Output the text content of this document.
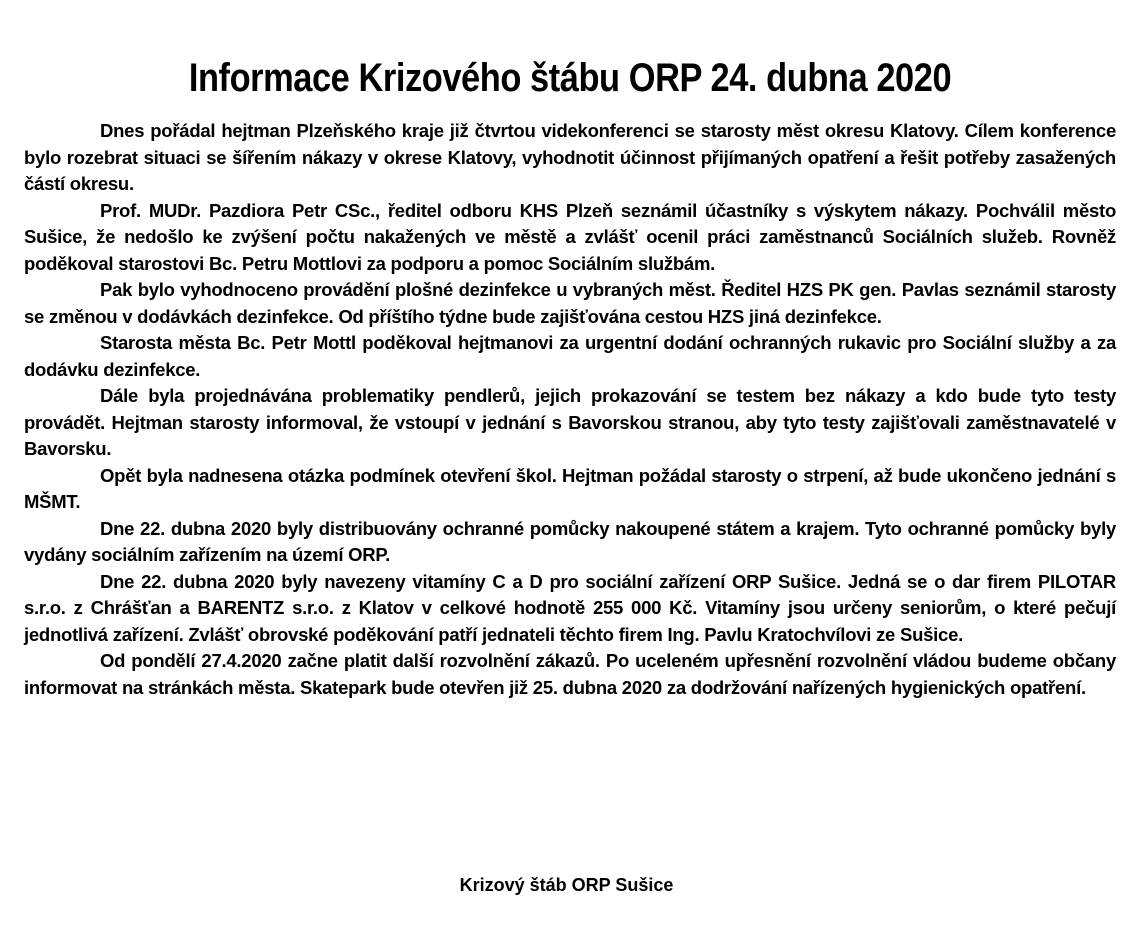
Informace Krizového štábu ORP 24. dubna 2020

Dnes pořádal hejtman Plzeňského kraje již čtvrtou videkonferenci se starosty měst okresu Klatovy. Cílem konference bylo rozebrat situaci se šířením nákazy v okrese Klatovy, vyhodnotit účinnost přijímaných opatření a řešit potřeby zasažených částí okresu.

Prof. MUDr. Pazdiora Petr CSc., ředitel odboru KHS Plzeň seznámil účastníky s výskytem nákazy. Pochválil město Sušice, že nedošlo ke zvýšení počtu nakažených ve městě a zvlášť ocenil práci zaměstnanců Sociálních služeb. Rovněž poděkoval starostovi Bc. Petru Mottlovi za podporu a pomoc Sociálním službám.

Pak bylo vyhodnoceno provádění plošné dezinfekce u vybraných měst. Ředitel HZS PK gen. Pavlas seznámil starosty se změnou v dodávkách dezinfekce. Od příštího týdne bude zajišťována cestou HZS jiná dezinfekce.

Starosta města Bc. Petr Mottl poděkoval hejtmanovi za urgentní dodání ochranných rukavic pro Sociální služby a za dodávku dezinfekce.

Dále byla projednávána problematiky pendlerů, jejich prokazování se testem bez nákazy a kdo bude tyto testy provádět. Hejtman starosty informoval, že vstoupí v jednání s Bavorskou stranou, aby tyto testy zajišťovali zaměstnavatelé v Bavorsku.

Opět byla nadnesena otázka podmínek otevření škol. Hejtman požádal starosty o strpení, až bude ukončeno jednání s MŠMT.

Dne 22. dubna 2020 byly distribuovány ochranné pomůcky nakoupené státem a krajem. Tyto ochranné pomůcky byly vydány sociálním zařízením na území ORP.

Dne 22. dubna 2020 byly navezeny vitamíny C a D pro sociální zařízení ORP Sušice. Jedná se o dar firem PILOTAR s.r.o. z Chrášťan a BARENTZ s.r.o. z Klatov v celkové hodnotě 255 000 Kč. Vitamíny jsou určeny seniorům, o které pečují jednotlivá zařízení. Zvlášť obrovské poděkování patří jednateli těchto firem Ing. Pavlu Kratochvílovi ze Sušice.

Od pondělí 27.4.2020 začne platit další rozvolnění zákazů. Po uceleném upřesnění rozvolnění vládou budeme občany informovat na stránkách města. Skatepark bude otevřen již 25. dubna 2020 za dodržování nařízených hygienických opatření.

Krizový štáb ORP Sušice
